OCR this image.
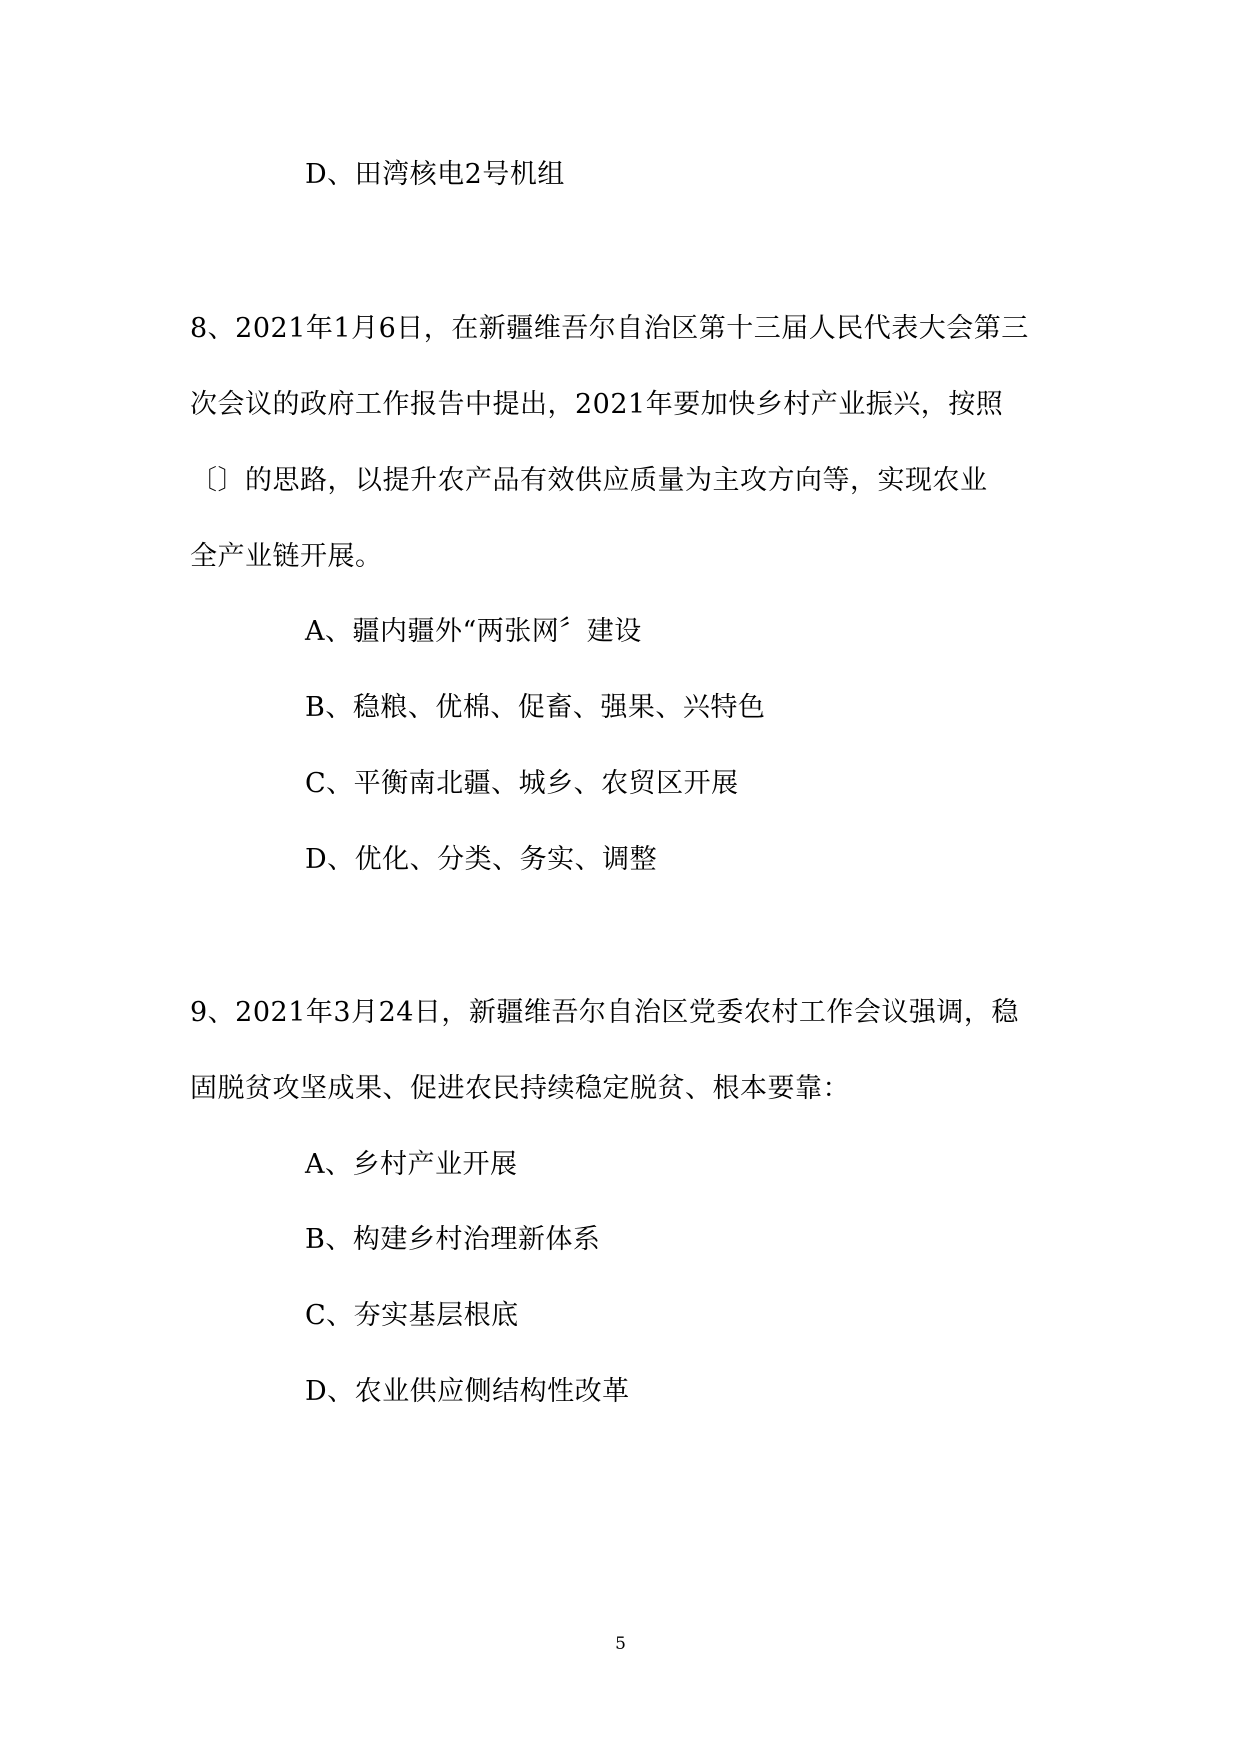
D、田湾核电2号机组
8、2021年1月6日，在新疆维吾尔自治区第十三届人民代表大会第三
次会议的政府工作报告中提出，2021年要加快乡村产业振兴，按照
〔〕的思路，以提升农产品有效供应质量为主攻方向等，实现农业
全产业链开展。
A、疆内疆外“两张网〞建设
B、稳粮、优棉、促畜、强果、兴特色
C、平衡南北疆、城乡、农贸区开展
D、优化、分类、务实、调整
9、2021年3月24日，新疆维吾尔自治区党委农村工作会议强调，稳
固脱贫攻坚成果、促进农民持续稳定脱贫、根本要靠：
A、乡村产业开展
B、构建乡村治理新体系
C、夯实基层根底
D、农业供应侧结构性改革
5
